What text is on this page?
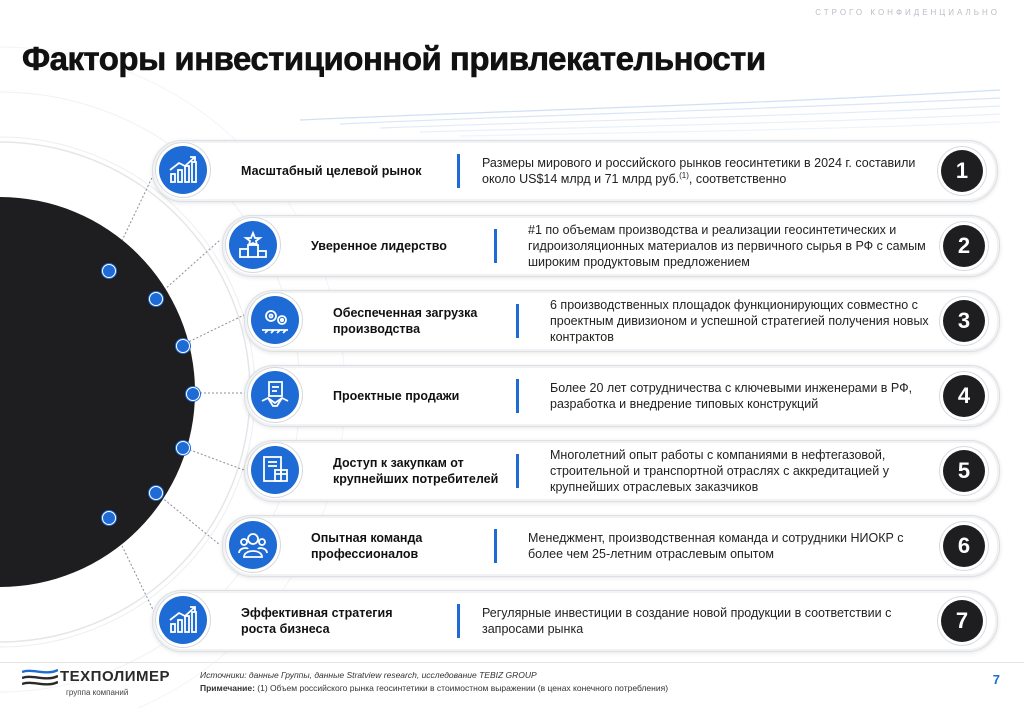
СТРОГО КОНФИДЕНЦИАЛЬНО
Факторы инвестиционной привлекательности
Масштабный целевой рынок
Размеры мирового и российского рынков геосинтетики в 2024 г. составили около US$14 млрд и 71 млрд руб.$^{(1)}$, соответственно	1
Уверенное лидерство
#1 по объемам производства и реализации геосинтетических и гидроизоляционных материалов из первичного сырья в РФ с самым широким продуктовым предложением
2
Обеспеченная загрузка производства
6 производственных площадок функционирующих совместно с проектным дивизионом и успешной стратегией получения новых контрактов
3
Проектные продажи
Более 20 лет сотрудничества с ключевыми инженерами в РФ, разработка и внедрение типовых конструкций	4
Доступ к закупкам от крупнейших потребителей
Многолетний опыт работы с компаниями в нефтегазовой, строительной и транспортной отраслях с аккредитацией у крупнейших отраслевых заказчиков
5
Опытная команда профессионалов
Менеджмент, производственная команда и сотрудники НИОКР с более чем 25-летним отраслевым опытом	6
Эффективная стратегия роста бизнеса
Регулярные инвестиции в создание новой продукции в соответствии с запросами рынка	7
ТЕХПОЛИМЕР
группа компаний
Источники: данные Группы, данные Stratview research, исследование TEBIZ GROUP
Примечание: (1) Объем российского рынка геосинтетики в стоимостном выражении (в ценах конечного потребления)
7
